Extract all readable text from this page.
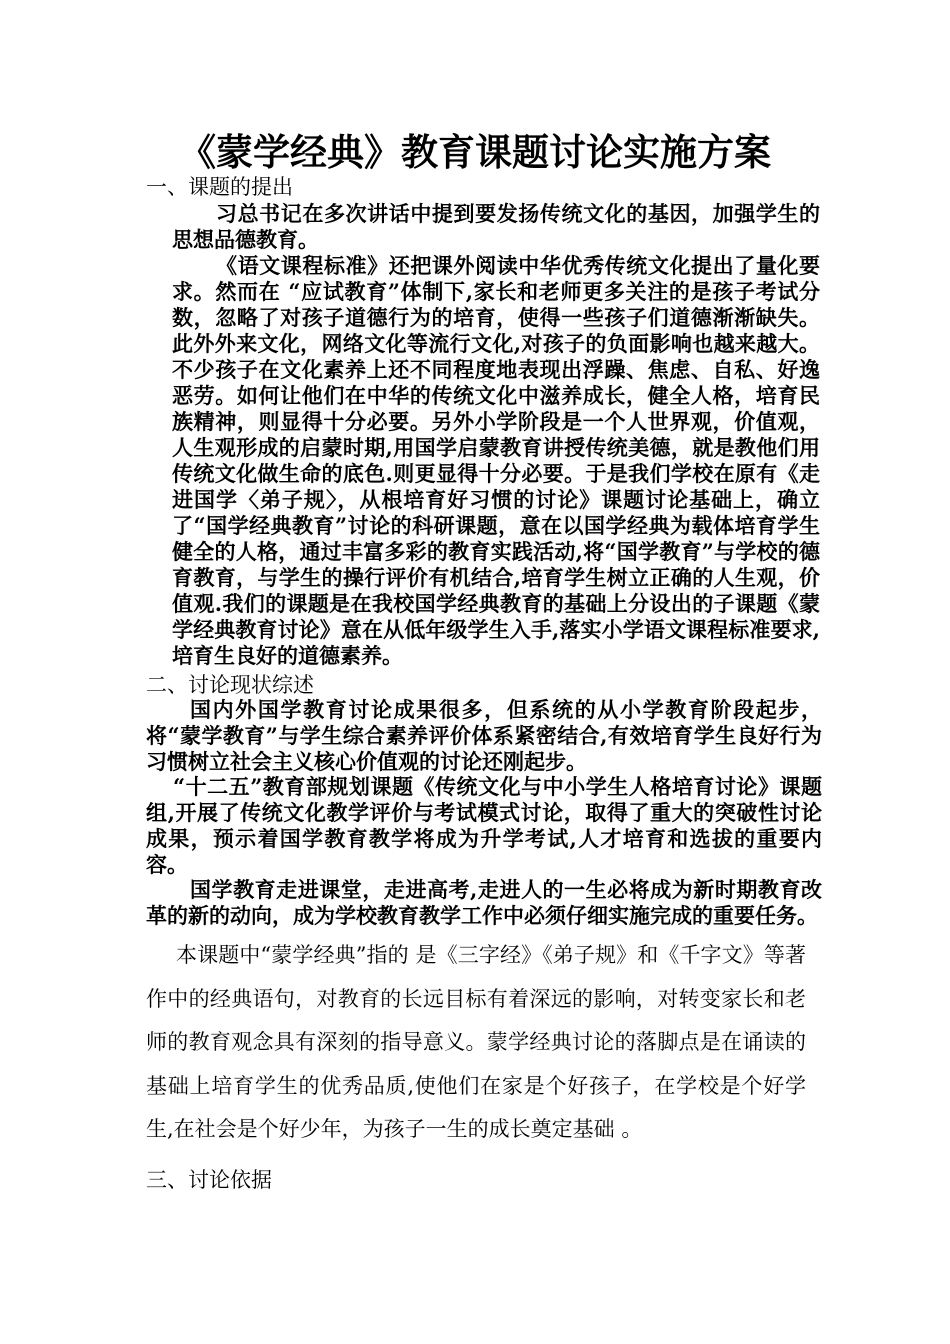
《蒙学经典》教育课题讨论实施方案
一、课题的提出

习总书记在多次讲话中提到要发扬传统文化的基因，加强学生的思想品德教育。

《语文课程标准》还把课外阅读中华优秀传统文化提出了量化要求。然而在 “应试教育”体制下,家长和老师更多关注的是孩子考试分数，忽略了对孩子道德行为的培育，使得一些孩子们道德渐渐缺失。此外外来文化，网络文化等流行文化,对孩子的负面影响也越来越大。不少孩子在文化素养上还不同程度地表现出浮躁、焦虑、自私、好逸恶劳。如何让他们在中华的传统文化中滋养成长，健全人格，培育民族精神，则显得十分必要。另外小学阶段是一个人世界观，价值观，人生观形成的启蒙时期,用国学启蒙教育讲授传统美德，就是教他们用传统文化做生命的底色.则更显得十分必要。于是我们学校在原有《走进国学〈弟子规〉，从根培育好习惯的讨论》课题讨论基础上，确立了“国学经典教育”讨论的科研课题，意在以国学经典为载体培育学生健全的人格，通过丰富多彩的教育实践活动,将“国学教育”与学校的德育教育，与学生的操行评价有机结合,培育学生树立正确的人生观，价值观.我们的课题是在我校国学经典教育的基础上分设出的子课题《蒙学经典教育讨论》意在从低年级学生入手,落实小学语文课程标准要求,培育生良好的道德素养。

二、讨论现状综述

国内外国学教育讨论成果很多，但系统的从小学教育阶段起步，将“蒙学教育”与学生综合素养评价体系紧密结合,有效培育学生良好行为习惯树立社会主义核心价值观的讨论还刚起步。

“十二五”教育部规划课题《传统文化与中小学生人格培育讨论》课题组,开展了传统文化教学评价与考试模式讨论，取得了重大的突破性讨论成果，预示着国学教育教学将成为升学考试,人才培育和选拔的重要内容。

国学教育走进课堂，走进高考,走进人的一生必将成为新时期教育改革的新的动向，成为学校教育教学工作中必须仔细实施完成的重要任务。

本课题中“蒙学经典”指的 是《三字经》《弟子规》和《千字文》等著作中的经典语句，对教育的长远目标有着深远的影响，对转变家长和老师的教育观念具有深刻的指导意义。蒙学经典讨论的落脚点是在诵读的基础上培育学生的优秀品质,使他们在家是个好孩子，在学校是个好学生,在社会是个好少年，为孩子一生的成长奠定基础 。

三、讨论依据
